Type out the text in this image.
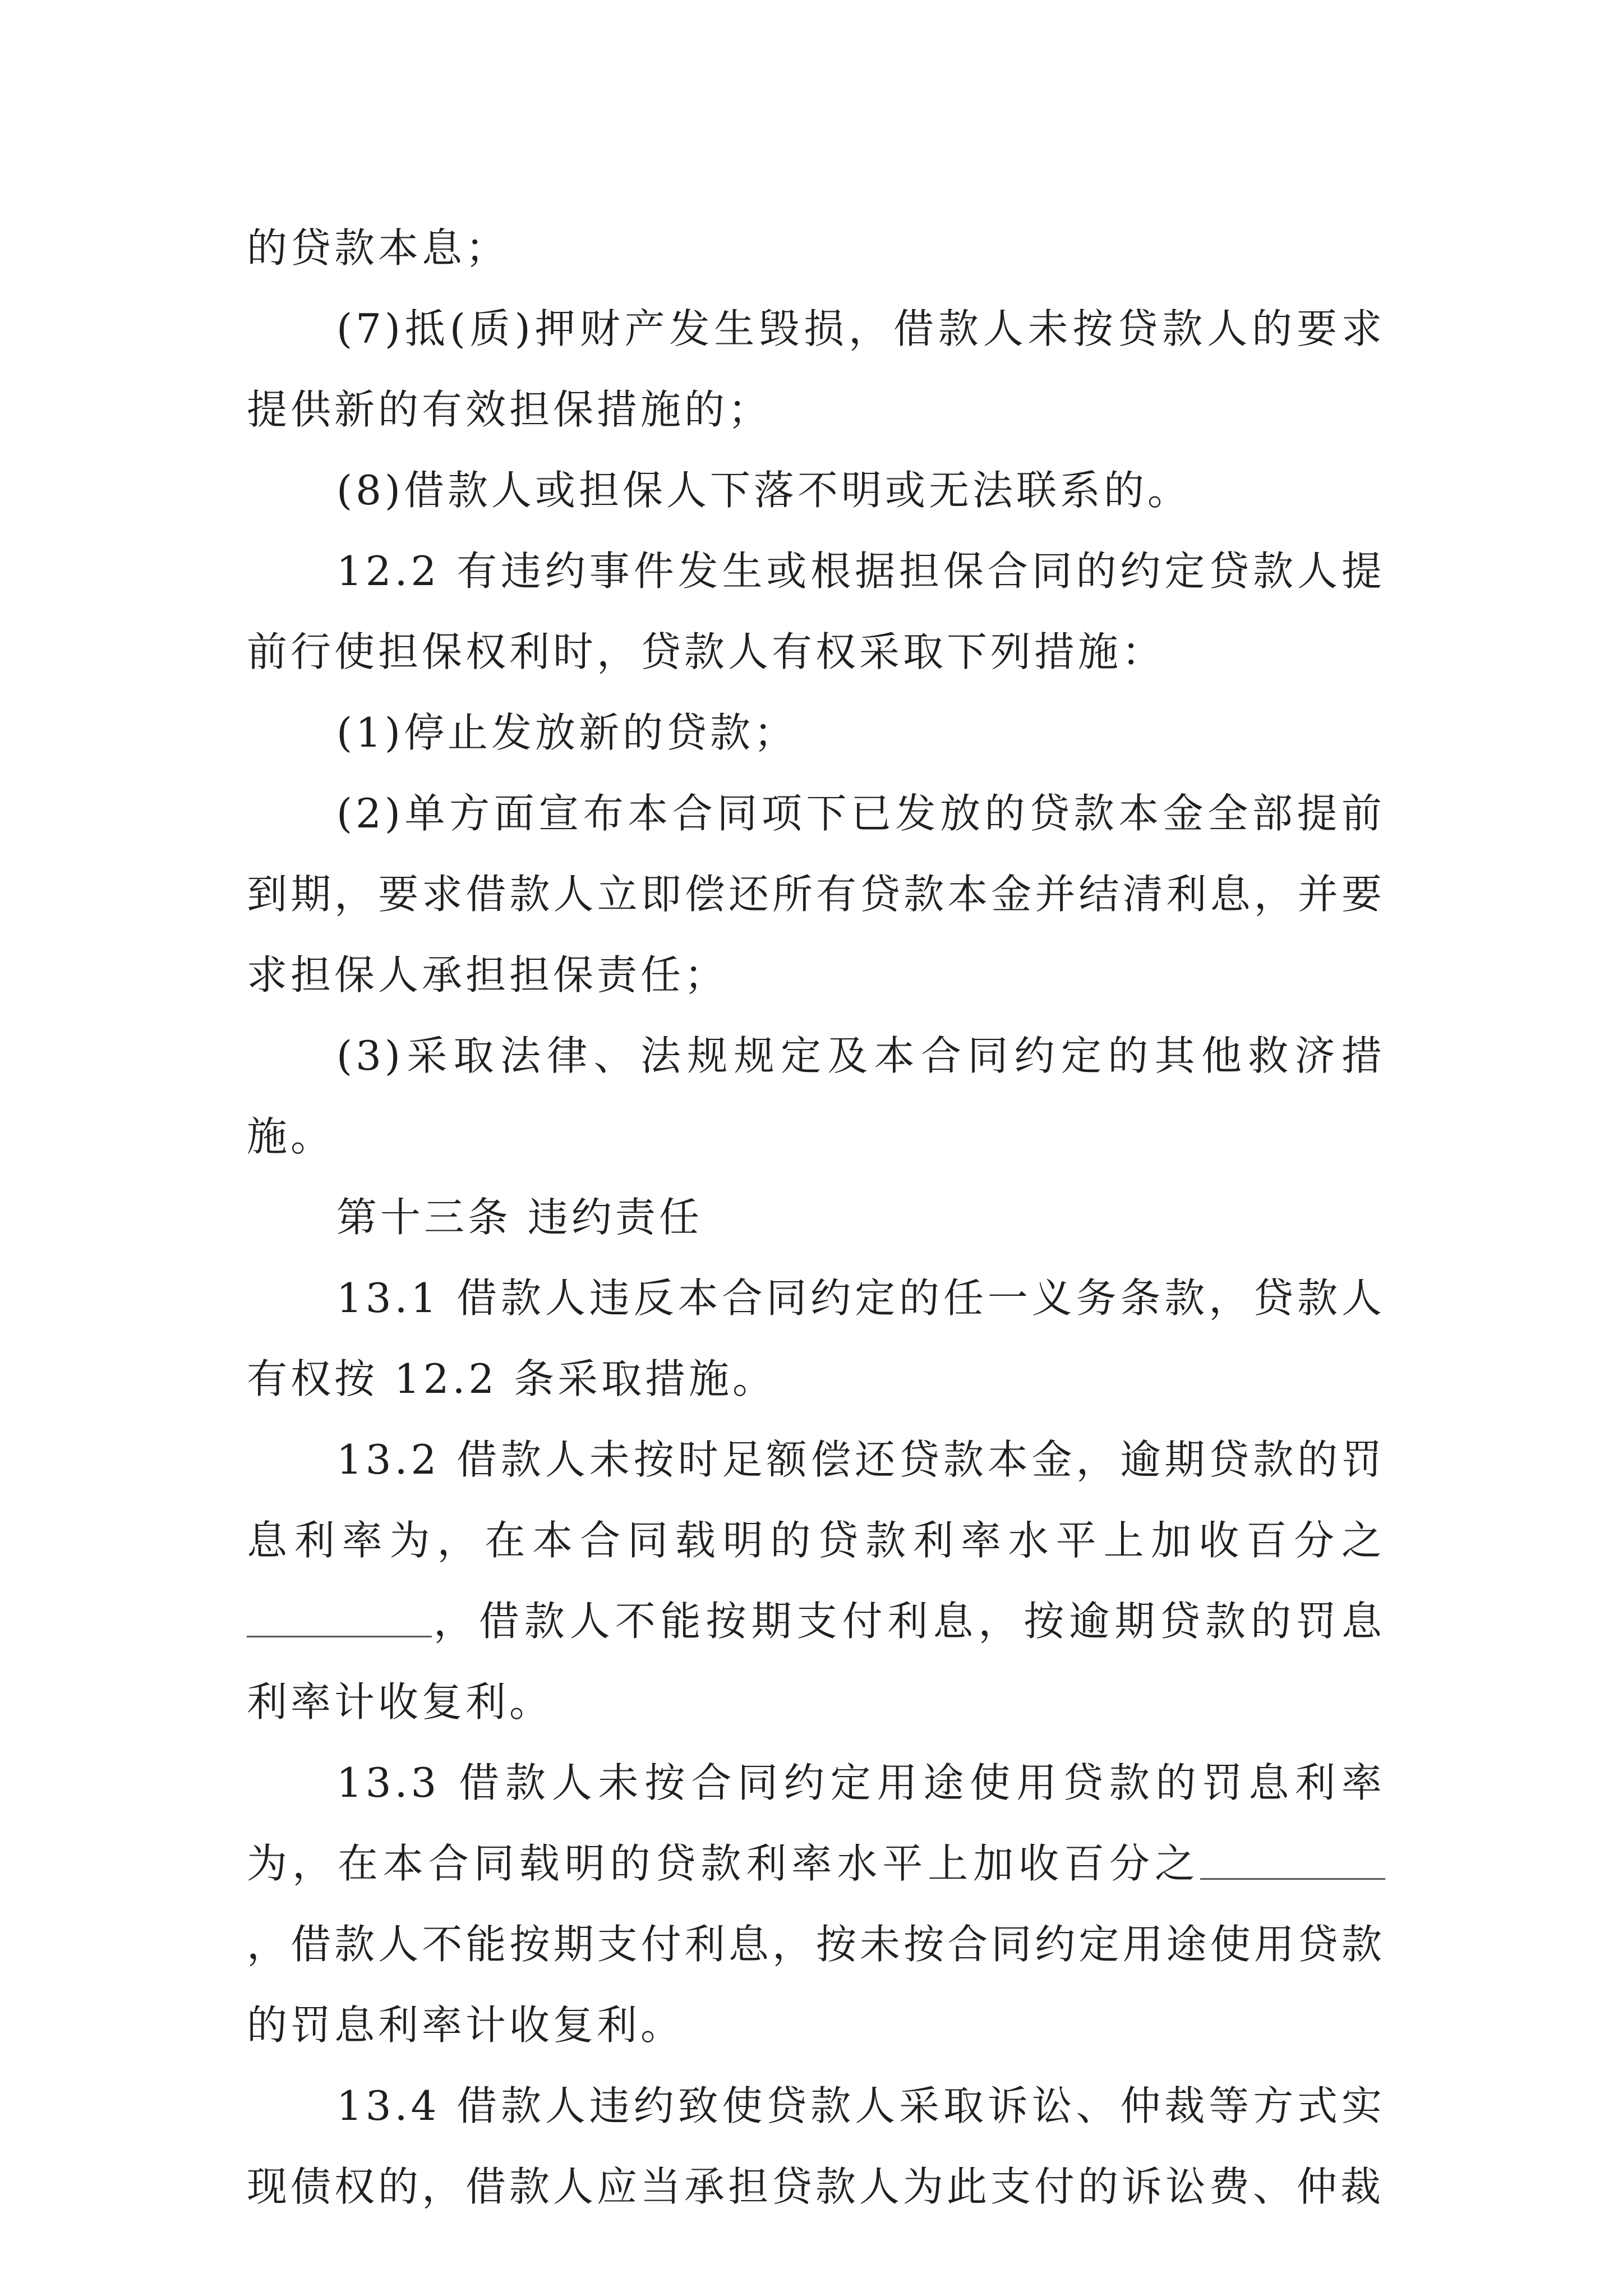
的贷款本息；

(7)抵(质)押财产发生毁损，借款人未按贷款人的要求提供新的有效担保措施的；

(8)借款人或担保人下落不明或无法联系的。

12.2 有违约事件发生或根据担保合同的约定贷款人提前行使担保权利时，贷款人有权采取下列措施：

(1)停止发放新的贷款；

(2)单方面宣布本合同项下已发放的贷款本金全部提前到期，要求借款人立即偿还所有贷款本金并结清利息，并要求担保人承担担保责任；

(3)采取法律、法规规定及本合同约定的其他救济措施。

第十三条 违约责任

13.1 借款人违反本合同约定的任一义务条款，贷款人有权按 12.2 条采取措施。

13.2 借款人未按时足额偿还贷款本金，逾期贷款的罚息利率为，在本合同载明的贷款利率水平上加收百分之，借款人不能按期支付利息，按逾期贷款的罚息利率计收复利。

13.3 借款人未按合同约定用途使用贷款的罚息利率为，在本合同载明的贷款利率水平上加收百分之，借款人不能按期支付利息，按未按合同约定用途使用贷款的罚息利率计收复利。

13.4 借款人违约致使贷款人采取诉讼、仲裁等方式实现债权的，借款人应当承担贷款人为此支付的诉讼费、仲裁
